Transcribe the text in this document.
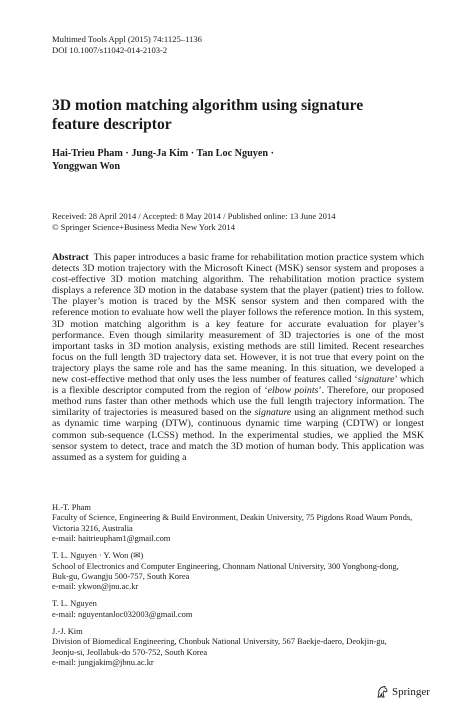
Multimed Tools Appl (2015) 74:1125–1136
DOI 10.1007/s11042-014-2103-2
3D motion matching algorithm using signature
feature descriptor
Hai-Trieu Pham · Jung-Ja Kim · Tan Loc Nguyen ·
Yonggwan Won
Received: 28 April 2014 / Accepted: 8 May 2014 / Published online: 13 June 2014
© Springer Science+Business Media New York 2014
Abstract This paper introduces a basic frame for rehabilitation motion practice system which detects 3D motion trajectory with the Microsoft Kinect (MSK) sensor system and proposes a cost-effective 3D motion matching algorithm. The rehabilitation motion practice system displays a reference 3D motion in the database system that the player (patient) tries to follow. The player’s motion is traced by the MSK sensor system and then compared with the reference motion to evaluate how well the player follows the reference motion. In this system, 3D motion matching algorithm is a key feature for accurate evaluation for player’s performance. Even though similarity measurement of 3D trajectories is one of the most important tasks in 3D motion analysis, existing methods are still limited. Recent researches focus on the full length 3D trajectory data set. However, it is not true that every point on the trajectory plays the same role and has the same meaning. In this situation, we developed a new cost-effective method that only uses the less number of features called ‘signature’ which is a flexible descriptor computed from the region of ‘elbow points’. Therefore, our proposed method runs faster than other methods which use the full length trajectory information. The similarity of trajectories is measured based on the signature using an alignment method such as dynamic time warping (DTW), continuous dynamic time warping (CDTW) or longest common sub-sequence (LCSS) method. In the experimental studies, we applied the MSK sensor system to detect, trace and match the 3D motion of human body. This application was assumed as a system for guiding a
H.-T. Pham
Faculty of Science, Engineering & Build Environment, Deakin University, 75 Pigdons Road Waum Ponds,
Victoria 3216, Australia
e-mail: haitrieupham1@gmail.com
T. L. Nguyen · Y. Won (✉)
School of Electronics and Computer Engineering, Chonnam National University, 300 Yongbong-dong,
Buk-gu, Gwangju 500-757, South Korea
e-mail: ykwon@jnu.ac.kr
T. L. Nguyen
e-mail: nguyentanloc032003@gmail.com
J.-J. Kim
Division of Biomedical Engineering, Chonbuk National University, 567 Baekje-daero, Deokjin-gu,
Jeonju-si, Jeollabuk-do 570-752, South Korea
e-mail: jungjakim@jbnu.ac.kr
Springer
